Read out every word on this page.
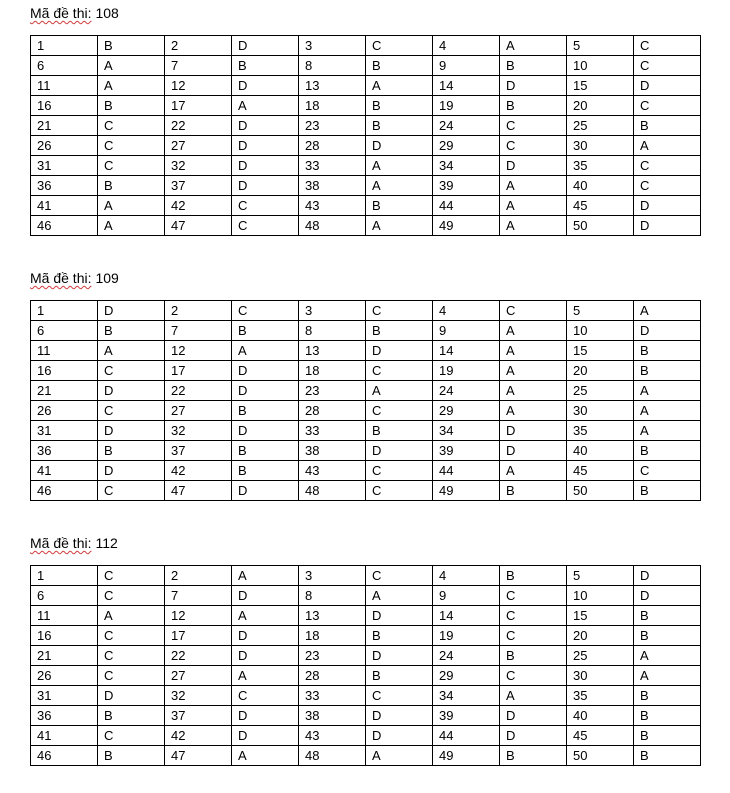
Mã đề thi: 108
1	B	2	D	3	C	4	A	5	C
6	A	7	B	8	B	9	B	10	C
11	A	12	D	13	A	14	D	15	D
16	B	17	A	18	B	19	B	20	C
21	C	22	D	23	B	24	C	25	B
26	C	27	D	28	D	29	C	30	A
31	C	32	D	33	A	34	D	35	C
36	B	37	D	38	A	39	A	40	C
41	A	42	C	43	B	44	A	45	D
46	A	47	C	48	A	49	A	50	D
Mã đề thi: 109
1	D	2	C	3	C	4	C	5	A
6	B	7	B	8	B	9	A	10	D
11	A	12	A	13	D	14	A	15	B
16	C	17	D	18	C	19	A	20	B
21	D	22	D	23	A	24	A	25	A
26	C	27	B	28	C	29	A	30	A
31	D	32	D	33	B	34	D	35	A
36	B	37	B	38	D	39	D	40	B
41	D	42	B	43	C	44	A	45	C
46	C	47	D	48	C	49	B	50	B
Mã đề thi: 112
1	C	2	A	3	C	4	B	5	D
6	C	7	D	8	A	9	C	10	D
11	A	12	A	13	D	14	C	15	B
16	C	17	D	18	B	19	C	20	B
21	C	22	D	23	D	24	B	25	A
26	C	27	A	28	B	29	C	30	A
31	D	32	C	33	C	34	A	35	B
36	B	37	D	38	D	39	D	40	B
41	C	42	D	43	D	44	D	45	B
46	B	47	A	48	A	49	B	50	B
